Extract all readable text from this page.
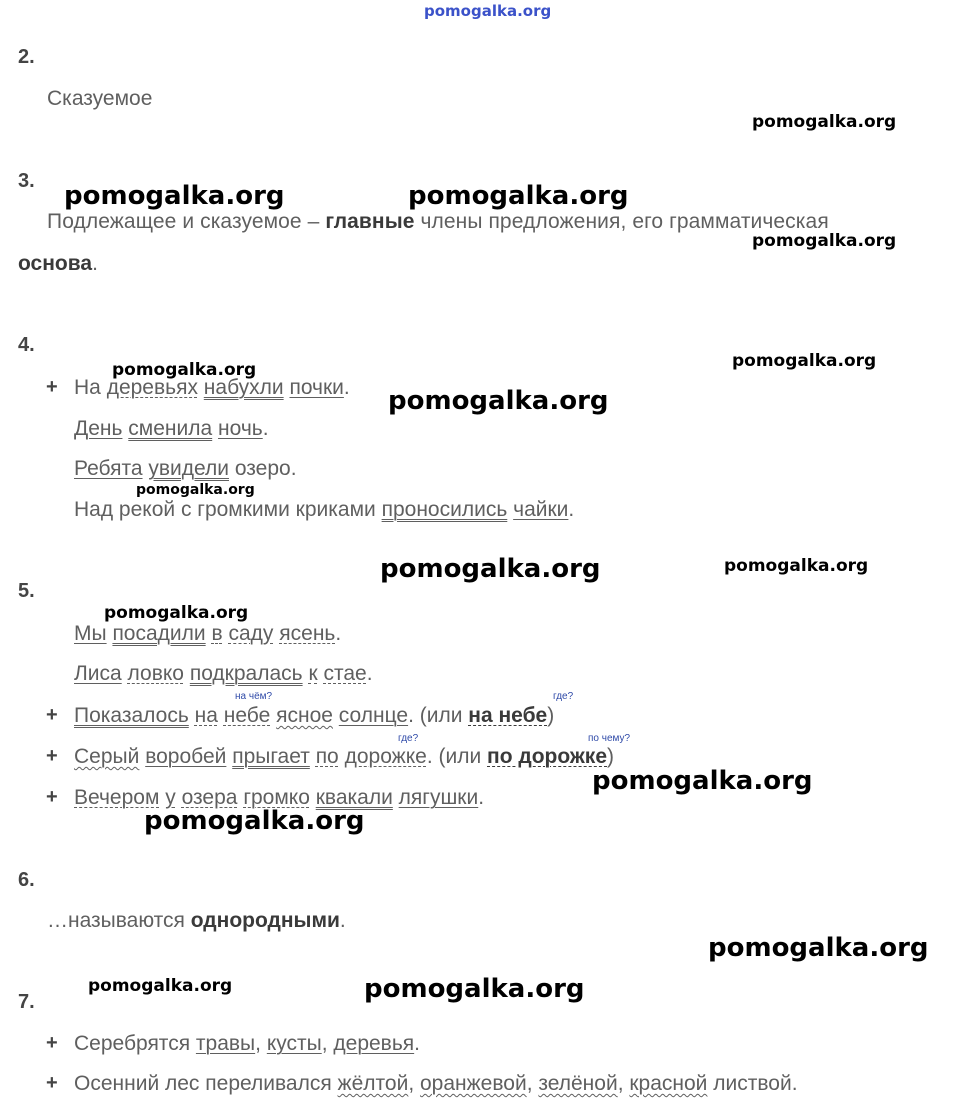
pomogalka.org
2.
Сказуемое
3.
Подлежащее и сказуемое – главные члены предложения, его грамматическая
основа.
4.
+ На деревьях набухли почки.
День сменила ночь.
Ребята увидели озеро.
Над рекой с громкими криками проносились чайки.
5.
Мы посадили в саду ясень.
Лиса ловко подкралась к стае.
+
на чём?	где?
Показалось на небе ясное солнце. (или на небе)
+
где?	по чему?
Серый воробей прыгает по дорожке. (или по дорожке)
+ Вечером у озера громко квакали лягушки.
6.
…называются однородными.
7.
+ Серебрятся травы, кусты, деревья.
+ Осенний лес переливался жёлтой, оранжевой, зелёной, красной листвой.
pomogalka.org
pomogalka.org	pomogalka.org
pomogalka.org
pomogalka.org	pomogalka.org
pomogalka.org
pomogalka.org
pomogalka.org	pomogalka.org
pomogalka.org
pomogalka.org
pomogalka.org
pomogalka.org
pomogalka.org	pomogalka.org
